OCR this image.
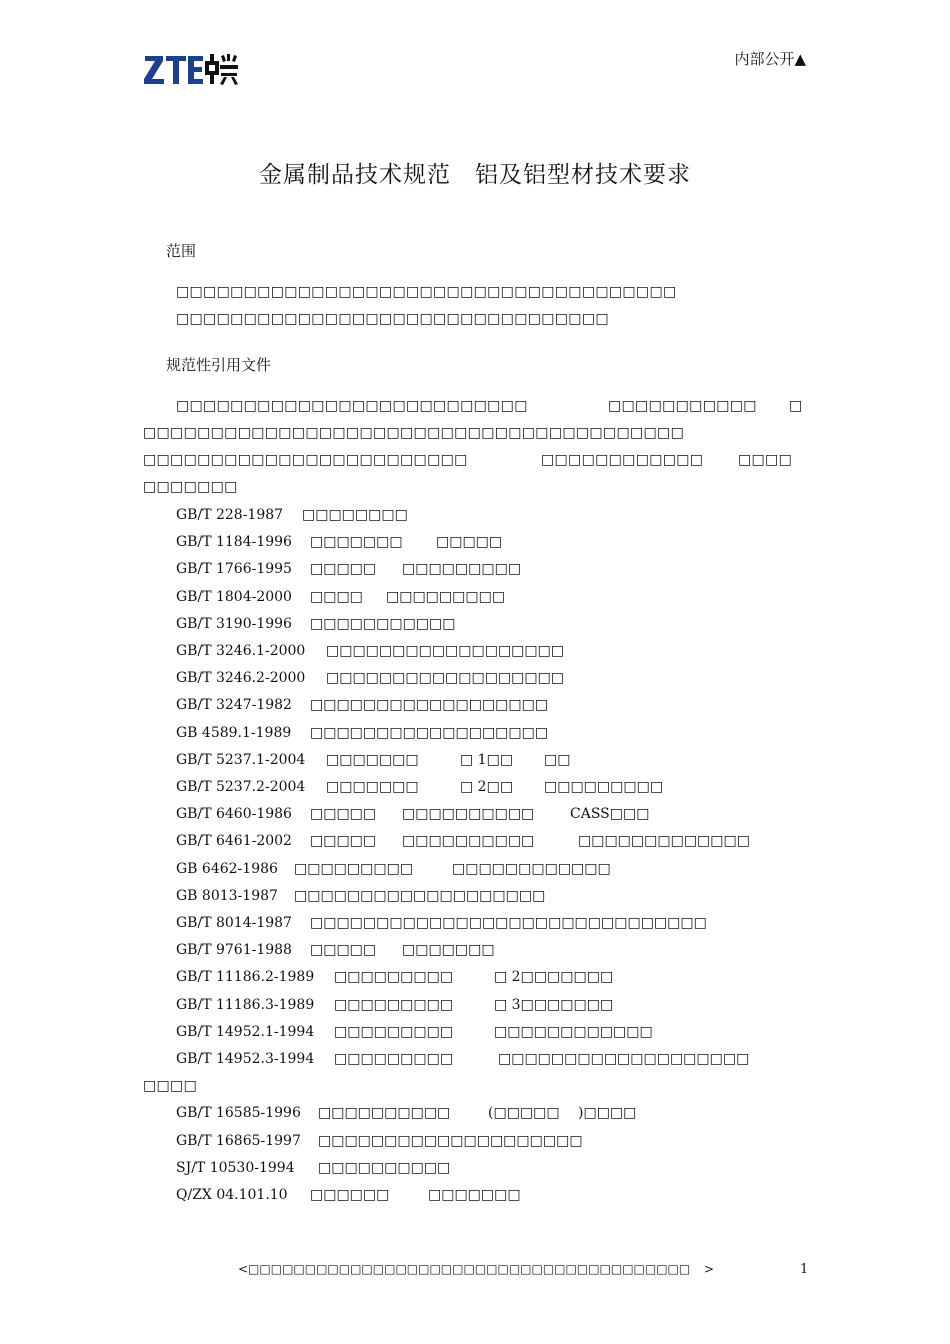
内部公开▲
金属制品技术规范　铝及铝型材技术要求
范围
□□□□□□□□□□□□□□□□□□□□□□□□□□□□□□□□□□□□□
□□□□□□□□□□□□□□□□□□□□□□□□□□□□□□□□
规范性引用文件
□□□□□□□□□□□□□□□□□□□□□□□□□□	□□□□□□□□□□□ □
□□□□□□□□□□□□□□□□□□□□□□□□□□□□□□□□□□□□□□□□
□□□□□□□□□□□□□□□□□□□□□□□□	□□□□□□□□□□□□ □□□□
□□□□□□□
GB/T 228-1987 □□□□□□□□
GB/T 1184-1996 □□□□□□□ □□□□□
GB/T 1766-1995 □□□□□ □□□□□□□□□
GB/T 1804-2000 □□□□ □□□□□□□□□
GB/T 3190-1996 □□□□□□□□□□□
GB/T 3246.1-2000 □□□□□□□□□□□□□□□□□□
GB/T 3246.2-2000 □□□□□□□□□□□□□□□□□□
GB/T 3247-1982 □□□□□□□□□□□□□□□□□□
GB 4589.1-1989 □□□□□□□□□□□□□□□□□□
GB/T 5237.1-2004 □□□□□□□	□ 1□□ □□
GB/T 5237.2-2004 □□□□□□□	□ 2□□ □□□□□□□□□
GB/T 6460-1986 □□□□□ □□□□□□□□□□	CASS□□□
GB/T 6461-2002 □□□□□ □□□□□□□□□□	□□□□□□□□□□□□□
GB 6462-1986 □□□□□□□□□	□□□□□□□□□□□□
GB 8013-1987 □□□□□□□□□□□□□□□□□□□
GB/T 8014-1987 □□□□□□□□□□□□□□□□□□□□□□□□□□□□□□
GB/T 9761-1988 □□□□□ □□□□□□□
GB/T 11186.2-1989 □□□□□□□□□	□ 2□□□□□□□
GB/T 11186.3-1989 □□□□□□□□□	□ 3□□□□□□□
GB/T 14952.1-1994 □□□□□□□□□	□□□□□□□□□□□□
GB/T 14952.3-1994 □□□□□□□□□	□□□□□□□□□□□□□□□□□□□
□□□□
GB/T 16585-1996 □□□□□□□□□□	(□□□□□ )□□□□
GB/T 16865-1997 □□□□□□□□□□□□□□□□□□□□
SJ/T 10530-1994 □□□□□□□□□□
Q/ZX 04.101.10 □□□□□□	□□□□□□□
<□□□□□□□□□□□□□□□□□□□□□□□□□□□□□□□□□□□□□□□ >	1
